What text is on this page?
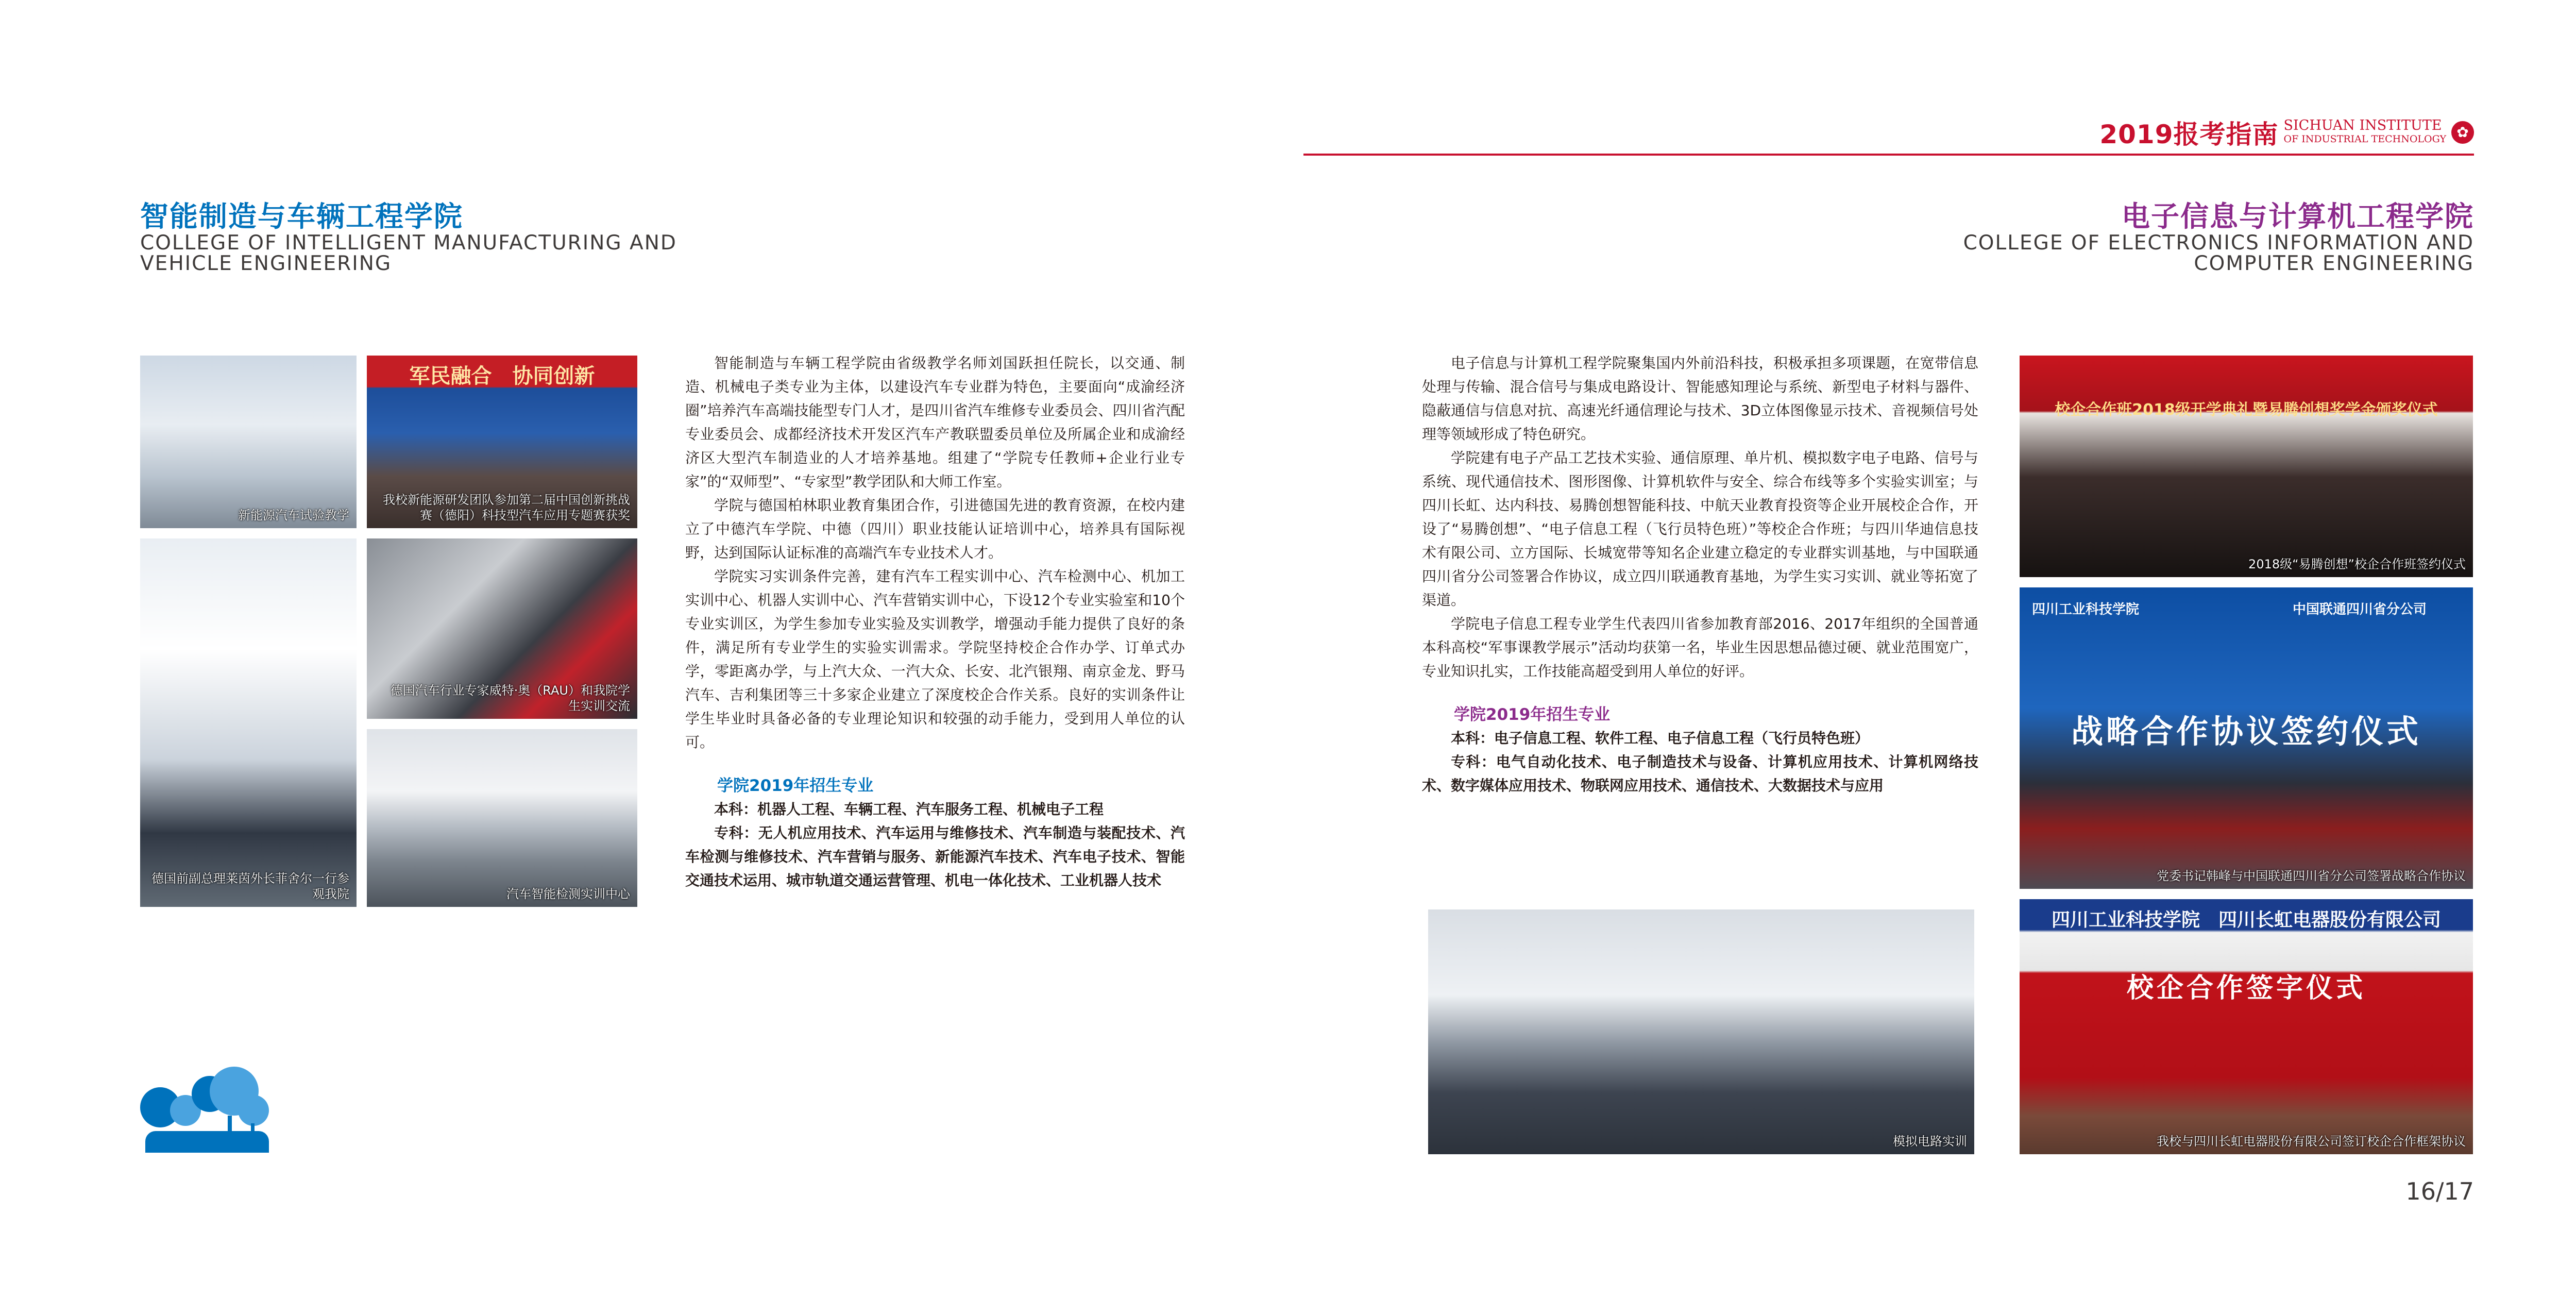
2019报考指南 SICHUAN INSTITUTE
OF INDUSTRIAL TECHNOLOGY ✿
智能制造与车辆工程学院
COLLEGE OF INTELLIGENT MANUFACTURING AND
VEHICLE ENGINEERING
电子信息与计算机工程学院
COLLEGE OF ELECTRONICS INFORMATION AND
COMPUTER ENGINEERING
新能源汽车试验教学
军民融合　协同创新
我校新能源研发团队参加第二届中国创新挑战赛（德阳）科技型汽车应用专题赛获奖
德国前副总理莱茵外长菲舍尔一行参观我院
德国汽车行业专家威特·奥（RAU）和我院学生实训交流
汽车智能检测实训中心

智能制造与车辆工程学院由省级教学名师刘国跃担任院长，以交通、制造、机械电子类专业为主体，以建设汽车专业群为特色，主要面向“成渝经济圈”培养汽车高端技能型专门人才，是四川省汽车维修专业委员会、四川省汽配专业委员会、成都经济技术开发区汽车产教联盟委员单位及所属企业和成渝经济区大型汽车制造业的人才培养基地。组建了“学院专任教师+企业行业专家”的“双师型”、“专家型”教学团队和大师工作室。

学院与德国柏林职业教育集团合作，引进德国先进的教育资源，在校内建立了中德汽车学院、中德（四川）职业技能认证培训中心，培养具有国际视野，达到国际认证标准的高端汽车专业技术人才。

学院实习实训条件完善，建有汽车工程实训中心、汽车检测中心、机加工实训中心、机器人实训中心、汽车营销实训中心，下设12个专业实验室和10个专业实训区，为学生参加专业实验及实训教学，增强动手能力提供了良好的条件，满足所有专业学生的实验实训需求。学院坚持校企合作办学、订单式办学，零距离办学，与上汽大众、一汽大众、长安、北汽银翔、南京金龙、野马汽车、吉利集团等三十多家企业建立了深度校企合作关系。良好的实训条件让学生毕业时具备必备的专业理论知识和较强的动手能力，受到用人单位的认可。

学院2019年招生专业

本科：机器人工程、车辆工程、汽车服务工程、机械电子工程

专科：无人机应用技术、汽车运用与维修技术、汽车制造与装配技术、汽车检测与维修技术、汽车营销与服务、新能源汽车技术、汽车电子技术、智能交通技术运用、城市轨道交通运营管理、机电一体化技术、工业机器人技术

电子信息与计算机工程学院聚集国内外前沿科技，积极承担多项课题，在宽带信息处理与传输、混合信号与集成电路设计、智能感知理论与系统、新型电子材料与器件、隐蔽通信与信息对抗、高速光纤通信理论与技术、3D立体图像显示技术、音视频信号处理等领域形成了特色研究。

学院建有电子产品工艺技术实验、通信原理、单片机、模拟数字电子电路、信号与系统、现代通信技术、图形图像、计算机软件与安全、综合布线等多个实验实训室；与四川长虹、达内科技、易腾创想智能科技、中航天业教育投资等企业开展校企合作，开设了“易腾创想”、“电子信息工程（飞行员特色班）”等校企合作班；与四川华迪信息技术有限公司、立方国际、长城宽带等知名企业建立稳定的专业群实训基地，与中国联通四川省分公司签署合作协议，成立四川联通教育基地，为学生实习实训、就业等拓宽了渠道。

学院电子信息工程专业学生代表四川省参加教育部2016、2017年组织的全国普通本科高校“军事课教学展示”活动均获第一名，毕业生因思想品德过硬、就业范围宽广，专业知识扎实，工作技能高超受到用人单位的好评。

学院2019年招生专业

本科：电子信息工程、软件工程、电子信息工程（飞行员特色班）

专科：电气自动化技术、电子制造技术与设备、计算机应用技术、计算机网络技术、数字媒体应用技术、物联网应用技术、通信技术、大数据技术与应用

校企合作班2018级开学典礼暨易腾创想奖学金颁奖仪式
2018级“易腾创想”校企合作班签约仪式
四川工业科技学院	中国联通四川省分公司
战略合作协议签约仪式
党委书记韩峰与中国联通四川省分公司签署战略合作协议
模拟电路实训
四川工业科技学院　四川长虹电器股份有限公司
校企合作签字仪式
我校与四川长虹电器股份有限公司签订校企合作框架协议
16/17
